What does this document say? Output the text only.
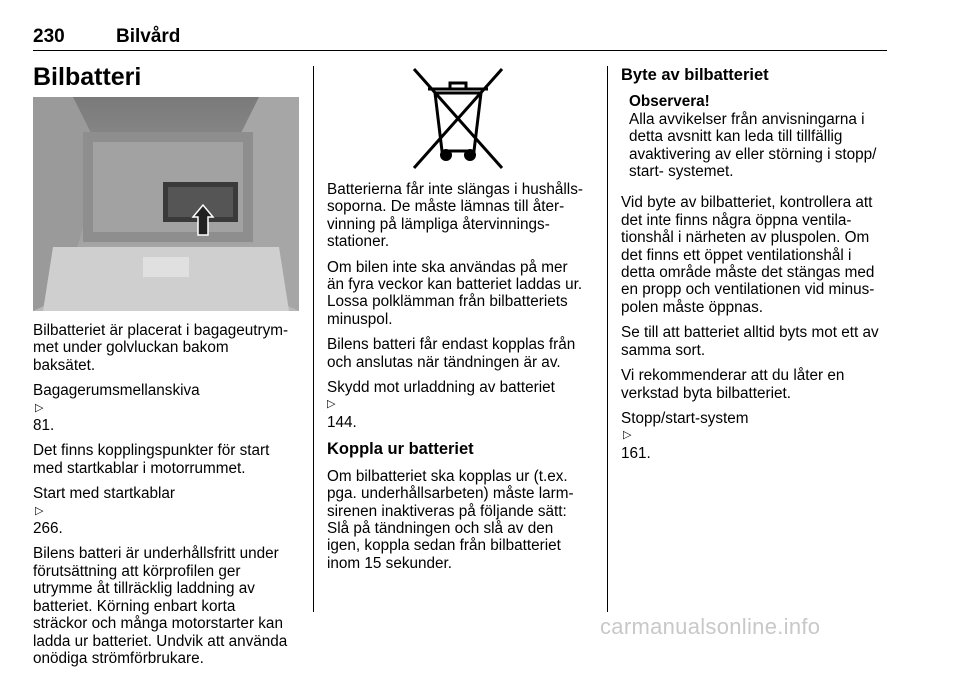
230	Bilvård
Bilbatteri

Bilbatteriet är placerat i bagageutrym-
met under golvluckan bakom
baksätet.

Bagagerumsmellanskiva
▷
81.

Det finns kopplingspunkter för start
med startkablar i motorrummet.

Start med startkablar
▷
266.

Bilens batteri är underhållsfritt under
förutsättning att körprofilen ger
utrymme åt tillräcklig laddning av
batteriet. Körning enbart korta
sträckor och många motorstarter kan
ladda ur batteriet. Undvik att använda
onödiga strömförbrukare.

Batterierna får inte slängas i hushålls-
soporna. De måste lämnas till åter-
vinning på lämpliga återvinnings-
stationer.

Om bilen inte ska användas på mer
än fyra veckor kan batteriet laddas ur.
Lossa polklämman från bilbatteriets
minuspol.

Bilens batteri får endast kopplas från
och anslutas när tändningen är av.

Skydd mot urladdning av batteriet
▷
144.

Koppla ur batteriet

Om bilbatteriet ska kopplas ur (t.ex.
pga. underhållsarbeten) måste larm-
sirenen inaktiveras på följande sätt:
Slå på tändningen och slå av den
igen, koppla sedan från bilbatteriet
inom 15 sekunder.

Byte av bilbatteriet
Observera!
Alla avvikelser från anvisningarna i
detta avsnitt kan leda till tillfällig
avaktivering av eller störning i stopp/
start- systemet.

Vid byte av bilbatteriet, kontrollera att
det inte finns några öppna ventila-
tionshål i närheten av pluspolen. Om
det finns ett öppet ventilationshål i
detta område måste det stängas med
en propp och ventilationen vid minus-
polen måste öppnas.

Se till att batteriet alltid byts mot ett av
samma sort.

Vi rekommenderar att du låter en
verkstad byta bilbatteriet.

Stopp/start-system
▷
161.

carmanualsonline.info
